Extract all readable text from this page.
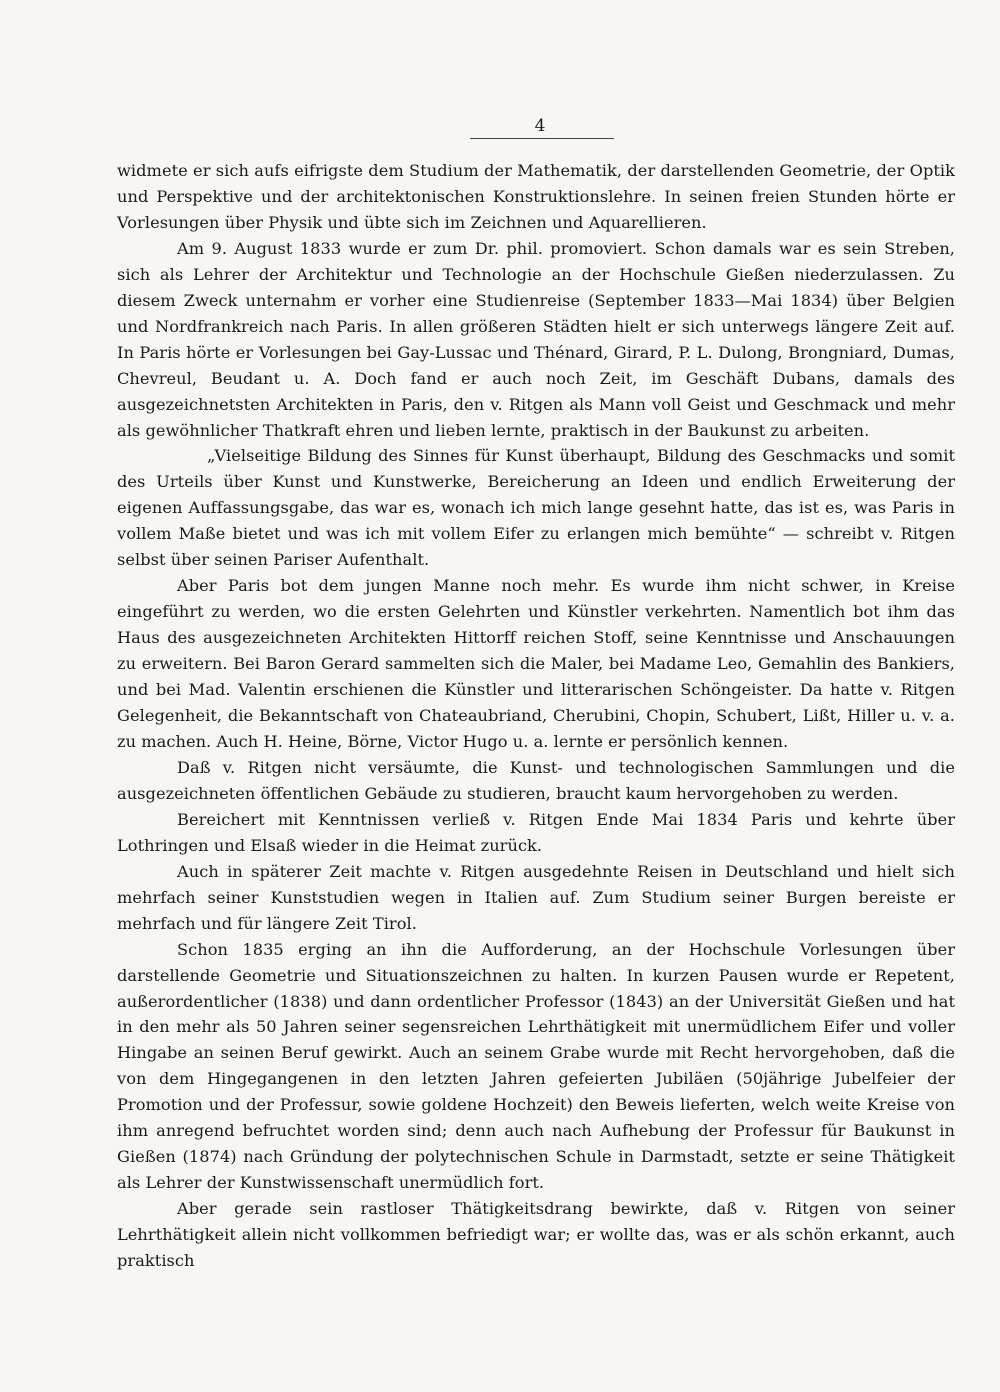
4

widmete er sich aufs eifrigste dem Studium der Mathematik, der darstellenden Geometrie, der Optik und Perspektive und der architektonischen Konstruktionslehre. In seinen freien Stunden hörte er Vorlesungen über Physik und übte sich im Zeichnen und Aquarellieren.

Am 9. August 1833 wurde er zum Dr. phil. promoviert. Schon damals war es sein Streben, sich als Lehrer der Architektur und Technologie an der Hochschule Gießen niederzulassen. Zu diesem Zweck unternahm er vorher eine Studienreise (September 1833—Mai 1834) über Belgien und Nordfrankreich nach Paris. In allen größeren Städten hielt er sich unterwegs längere Zeit auf. In Paris hörte er Vorlesungen bei Gay-Lussac und Thénard, Girard, P. L. Dulong, Brongniard, Dumas, Chevreul, Beudant u. A. Doch fand er auch noch Zeit, im Geschäft Dubans, damals des ausgezeichnetsten Architekten in Paris, den v. Ritgen als Mann voll Geist und Geschmack und mehr als gewöhnlicher Thatkraft ehren und lieben lernte, praktisch in der Baukunst zu arbeiten.

„Vielseitige Bildung des Sinnes für Kunst überhaupt, Bildung des Geschmacks und somit des Urteils über Kunst und Kunstwerke, Bereicherung an Ideen und endlich Erweiterung der eigenen Auffassungsgabe, das war es, wonach ich mich lange gesehnt hatte, das ist es, was Paris in vollem Maße bietet und was ich mit vollem Eifer zu erlangen mich bemühte“ — schreibt v. Ritgen selbst über seinen Pariser Aufenthalt.

Aber Paris bot dem jungen Manne noch mehr. Es wurde ihm nicht schwer, in Kreise eingeführt zu werden, wo die ersten Gelehrten und Künstler verkehrten. Namentlich bot ihm das Haus des ausgezeichneten Architekten Hittorff reichen Stoff, seine Kenntnisse und Anschauungen zu erweitern. Bei Baron Gerard sammelten sich die Maler, bei Madame Leo, Gemahlin des Bankiers, und bei Mad. Valentin erschienen die Künstler und litterarischen Schöngeister. Da hatte v. Ritgen Gelegenheit, die Bekanntschaft von Chateaubriand, Cherubini, Chopin, Schubert, Lißt, Hiller u. v. a. zu machen. Auch H. Heine, Börne, Victor Hugo u. a. lernte er persönlich kennen.

Daß v. Ritgen nicht versäumte, die Kunst- und technologischen Sammlungen und die ausgezeichneten öffentlichen Gebäude zu studieren, braucht kaum hervorgehoben zu werden.

Bereichert mit Kenntnissen verließ v. Ritgen Ende Mai 1834 Paris und kehrte über Lothringen und Elsaß wieder in die Heimat zurück.

Auch in späterer Zeit machte v. Ritgen ausgedehnte Reisen in Deutschland und hielt sich mehrfach seiner Kunststudien wegen in Italien auf. Zum Studium seiner Burgen bereiste er mehrfach und für längere Zeit Tirol.

Schon 1835 erging an ihn die Aufforderung, an der Hochschule Vorlesungen über darstellende Geometrie und Situationszeichnen zu halten. In kurzen Pausen wurde er Repetent, außerordentlicher (1838) und dann ordentlicher Professor (1843) an der Universität Gießen und hat in den mehr als 50 Jahren seiner segensreichen Lehrthätigkeit mit unermüdlichem Eifer und voller Hingabe an seinen Beruf gewirkt. Auch an seinem Grabe wurde mit Recht hervorgehoben, daß die von dem Hingegangenen in den letzten Jahren gefeierten Jubiläen (50jährige Jubelfeier der Promotion und der Professur, sowie goldene Hochzeit) den Beweis lieferten, welch weite Kreise von ihm anregend befruchtet worden sind; denn auch nach Aufhebung der Professur für Baukunst in Gießen (1874) nach Gründung der polytechnischen Schule in Darmstadt, setzte er seine Thätigkeit als Lehrer der Kunstwissenschaft unermüdlich fort.

Aber gerade sein rastloser Thätigkeitsdrang bewirkte, daß v. Ritgen von seiner Lehrthätigkeit allein nicht vollkommen befriedigt war; er wollte das, was er als schön erkannt, auch praktisch
